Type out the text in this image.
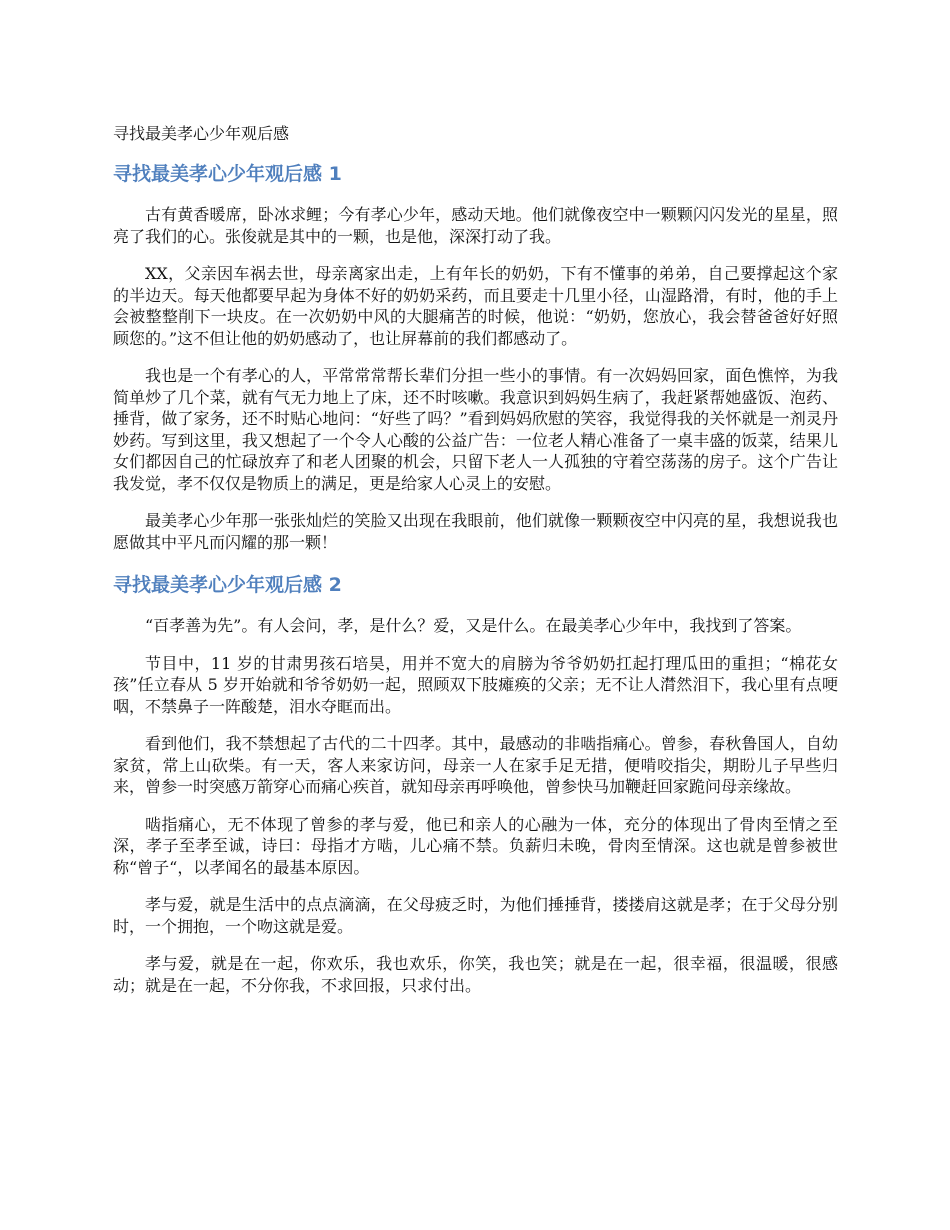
寻找最美孝心少年观后感
寻找最美孝心少年观后感 1

古有黄香暖席，卧冰求鲤；今有孝心少年，感动天地。他们就像夜空中一颗颗闪闪发光的星星，照亮了我们的心。张俊就是其中的一颗，也是他，深深打动了我。

XX，父亲因车祸去世，母亲离家出走，上有年长的奶奶，下有不懂事的弟弟，自己要撑起这个家的半边天。每天他都要早起为身体不好的奶奶采药，而且要走十几里小径，山湿路滑，有时，他的手上会被整整削下一块皮。在一次奶奶中风的大腿痛苦的时候，他说：“奶奶，您放心，我会替爸爸好好照顾您的。”这不但让他的奶奶感动了，也让屏幕前的我们都感动了。

我也是一个有孝心的人，平常常常帮长辈们分担一些小的事情。有一次妈妈回家，面色憔悴，为我简单炒了几个菜，就有气无力地上了床，还不时咳嗽。我意识到妈妈生病了，我赶紧帮她盛饭、泡药、捶背，做了家务，还不时贴心地问：“好些了吗？”看到妈妈欣慰的笑容，我觉得我的关怀就是一剂灵丹妙药。写到这里，我又想起了一个令人心酸的公益广告：一位老人精心准备了一桌丰盛的饭菜，结果儿女们都因自己的忙碌放弃了和老人团聚的机会，只留下老人一人孤独的守着空荡荡的房子。这个广告让我发觉，孝不仅仅是物质上的满足，更是给家人心灵上的安慰。

最美孝心少年那一张张灿烂的笑脸又出现在我眼前，他们就像一颗颗夜空中闪亮的星，我想说我也愿做其中平凡而闪耀的那一颗！

寻找最美孝心少年观后感 2

“百孝善为先”。有人会问，孝，是什么？爱，又是什么。在最美孝心少年中，我找到了答案。

节目中，11 岁的甘肃男孩石培昊，用并不宽大的肩膀为爷爷奶奶扛起打理瓜田的重担；“棉花女孩”任立春从 5 岁开始就和爷爷奶奶一起，照顾双下肢瘫痪的父亲；无不让人潸然泪下，我心里有点哽咽，不禁鼻子一阵酸楚，泪水夺眶而出。

看到他们，我不禁想起了古代的二十四孝。其中，最感动的非啮指痛心。曾参，春秋鲁国人，自幼家贫，常上山砍柴。有一天，客人来家访问，母亲一人在家手足无措，便啃咬指尖，期盼儿子早些归来，曾参一时突感万箭穿心而痛心疾首，就知母亲再呼唤他，曾参快马加鞭赶回家跪问母亲缘故。

啮指痛心，无不体现了曾参的孝与爱，他已和亲人的心融为一体，充分的体现出了骨肉至情之至深，孝子至孝至诚，诗曰：母指才方啮，儿心痛不禁。负薪归未晚，骨肉至情深。这也就是曾参被世称“曾子“，以孝闻名的最基本原因。

孝与爱，就是生活中的点点滴滴，在父母疲乏时，为他们捶捶背，搂搂肩这就是孝；在于父母分别时，一个拥抱，一个吻这就是爱。

孝与爱，就是在一起，你欢乐，我也欢乐，你笑，我也笑；就是在一起，很幸福，很温暖，很感动；就是在一起，不分你我，不求回报，只求付出。
